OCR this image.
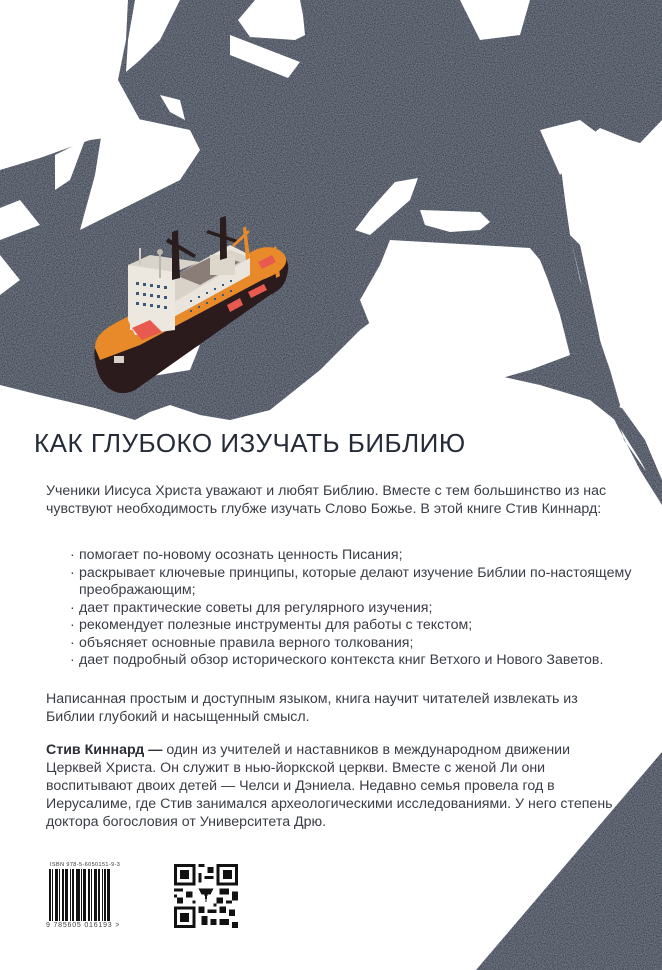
КАК ГЛУБОКО ИЗУЧАТЬ БИБЛИЮ

Ученики Иисуса Христа уважают и любят Библию. Вместе с тем большинство из нас чувствуют необходимость глубже изучать Слово Божье. В этой книге Стив Киннард:

· помогает по-новому осознать ценность Писания;
· раскрывает ключевые принципы, которые делают изучение Библии по-настоящему преображающим;
· дает практические советы для регулярного изучения;
· рекомендует полезные инструменты для работы с текстом;
· объясняет основные правила верного толкования;
· дает подробный обзор исторического контекста книг Ветхого и Нового Заветов.

Написанная простым и доступным языком, книга научит читателей извлекать из Библии глубокий и насыщенный смысл.

Стив Киннард — один из учителей и наставников в международном движении Церквей Христа. Он служит в нью-йоркской церкви. Вместе с женой Ли они воспитывают двоих детей — Челси и Дэниела. Недавно семья провела год в Иерусалиме, где Стив занимался археологическими исследованиями. У него степень доктора богословия от Университета Дрю.

ISBN 978-5-6050151-9-3
9 785605 016193 >
